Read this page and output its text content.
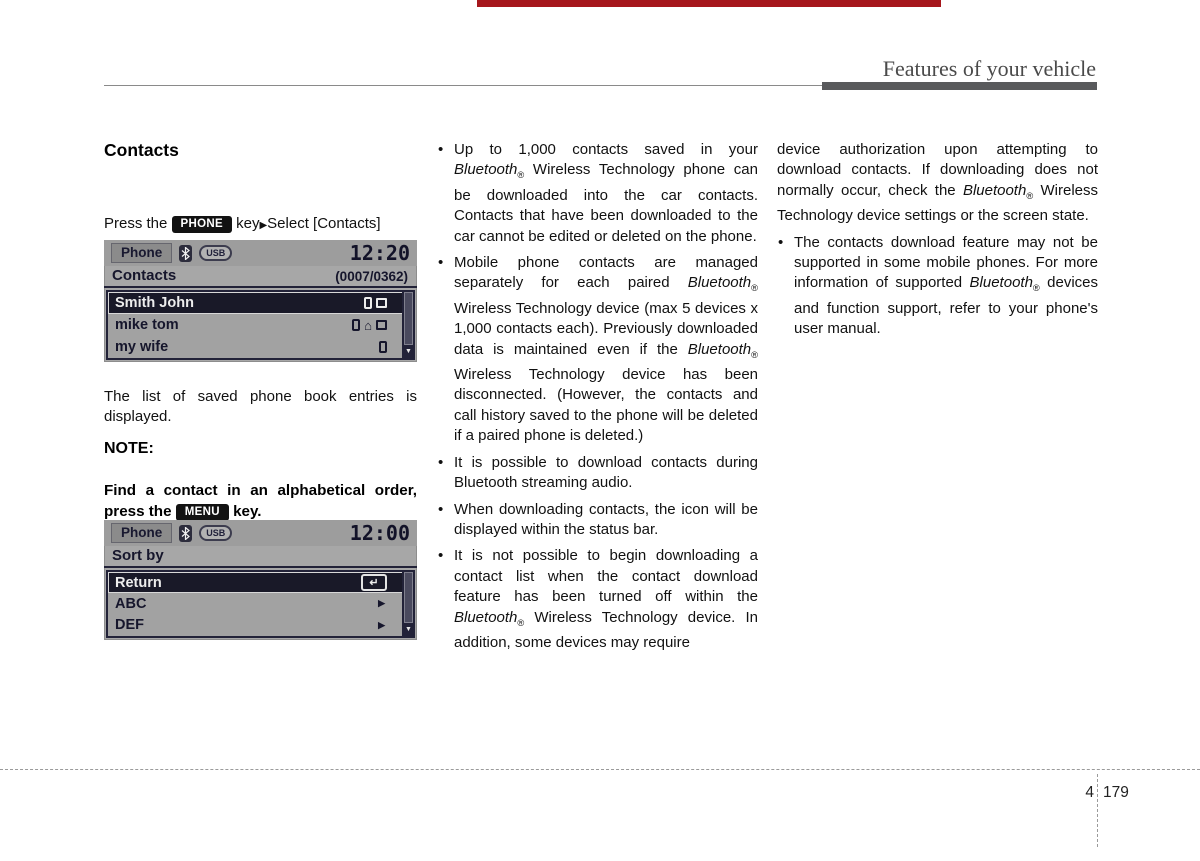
Features of your vehicle
Contacts

Press the PHONE key▶Select [Contacts]

Phone	USB	12:20
Contacts	(0007/0362)
Smith John
mike tom	⌂
my wife	▼

The list of saved phone book entries is displayed.

NOTE:

Find a contact in an alphabetical order, press the MENU key.

Phone	USB	12:00
Sort by
Return	↵
ABC	▶
DEF	▶	▼
• Up to 1,000 contacts saved in your Bluetooth$_®$ Wireless Technology phone can be downloaded into the car contacts. Contacts that have been downloaded to the car cannot be edited or deleted on the phone.
• Mobile phone contacts are managed separately for each paired Bluetooth$_®$ Wireless Technology device (max 5 devices x 1,000 contacts each). Previously downloaded data is maintained even if the Bluetooth$_®$ Wireless Technology device has been disconnected. (However, the contacts and call history saved to the phone will be deleted if a paired phone is deleted.)
• It is possible to download contacts during Bluetooth streaming audio.
• When downloading contacts, the icon will be displayed within the status bar.
• It is not possible to begin downloading a contact list when the contact download feature has been turned off within the Bluetooth$_®$ Wireless Technology device. In addition, some devices may require

device authorization upon attempting to download contacts. If downloading does not normally occur, check the Bluetooth$_®$ Wireless Technology device settings or the screen state.

• The contacts download feature may not be supported in some mobile phones. For more information of supported Bluetooth$_®$ devices and function support, refer to your phone's user manual.
4 179
